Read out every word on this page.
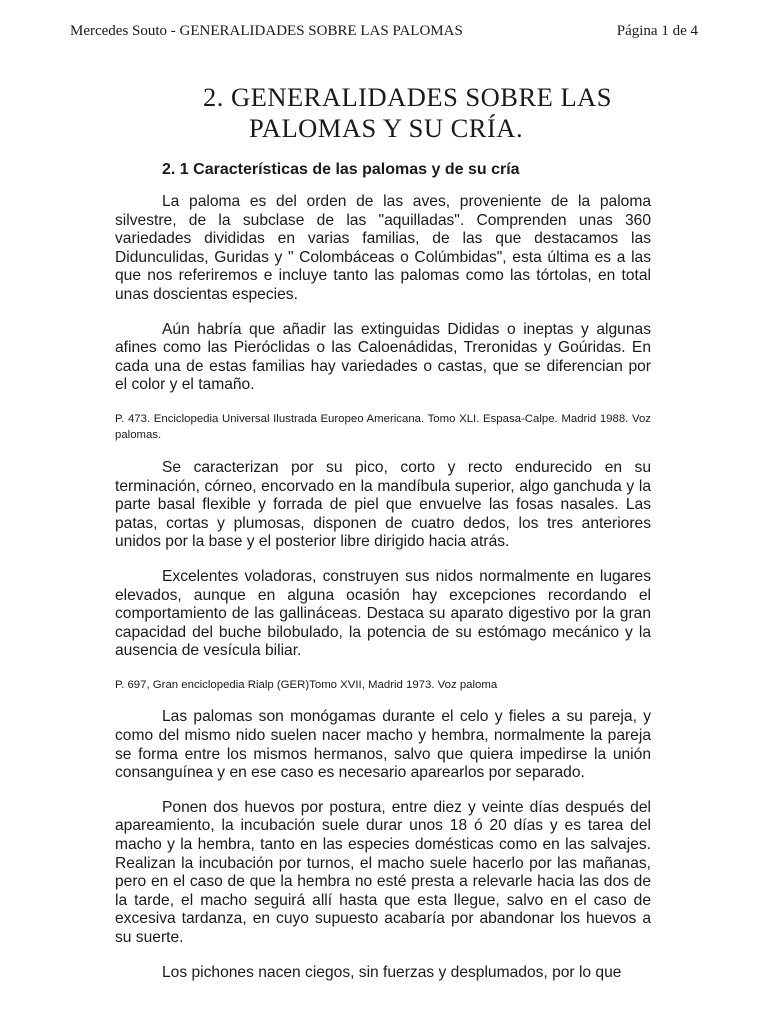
Mercedes Souto - GENERALIDADES SOBRE LAS PALOMAS	Página 1 de 4
2. GENERALIDADES SOBRE LAS
PALOMAS Y SU CRÍA.
2. 1 Características de las palomas y de su cría

La paloma es del orden de las aves, proveniente de la paloma silvestre, de la subclase de las "aquilladas". Comprenden unas 360 variedades divididas en varias familias, de las que destacamos las Didunculidas, Guridas y " Colombáceas o Colúmbidas", esta última es a las que nos referiremos e incluye tanto las palomas como las tórtolas, en total unas doscientas especies.

Aún habría que añadir las extinguidas Dididas o ineptas y algunas afines como las Pieróclidas o las Caloenádidas, Treronidas y Goúridas. En cada una de estas familias hay variedades o castas, que se diferencian por el color y el tamaño.

P. 473. Enciclopedia Universal Ilustrada Europeo Americana. Tomo XLI. Espasa-Calpe. Madrid 1988. Voz palomas.

Se caracterizan por su pico, corto y recto endurecido en su terminación, córneo, encorvado en la mandíbula superior, algo ganchuda y la parte basal flexible y forrada de piel que envuelve las fosas nasales. Las patas, cortas y plumosas, disponen de cuatro dedos, los tres anteriores unidos por la base y el posterior libre dirigido hacia atrás.

Excelentes voladoras, construyen sus nidos normalmente en lugares elevados, aunque en alguna ocasión hay excepciones recordando el comportamiento de las gallináceas. Destaca su aparato digestivo por la gran capacidad del buche bilobulado, la potencia de su estómago mecánico y la ausencia de vesícula biliar.

P. 697, Gran enciclopedia Rialp (GER)Tomo XVII, Madrid 1973. Voz paloma

Las palomas son monógamas durante el celo y fieles a su pareja, y como del mismo nido suelen nacer macho y hembra, normalmente la pareja se forma entre los mismos hermanos, salvo que quiera impedirse la unión consanguínea y en ese caso es necesario aparearlos por separado.

Ponen dos huevos por postura, entre diez y veinte días después del apareamiento, la incubación suele durar unos 18 ó 20 días y es tarea del macho y la hembra, tanto en las especies domésticas como en las salvajes. Realizan la incubación por turnos, el macho suele hacerlo por las mañanas, pero en el caso de que la hembra no esté presta a relevarle hacia las dos de la tarde, el macho seguirá allí hasta que esta llegue, salvo en el caso de excesiva tardanza, en cuyo supuesto acabaría por abandonar los huevos a su suerte.

Los pichones nacen ciegos, sin fuerzas y desplumados, por lo que
